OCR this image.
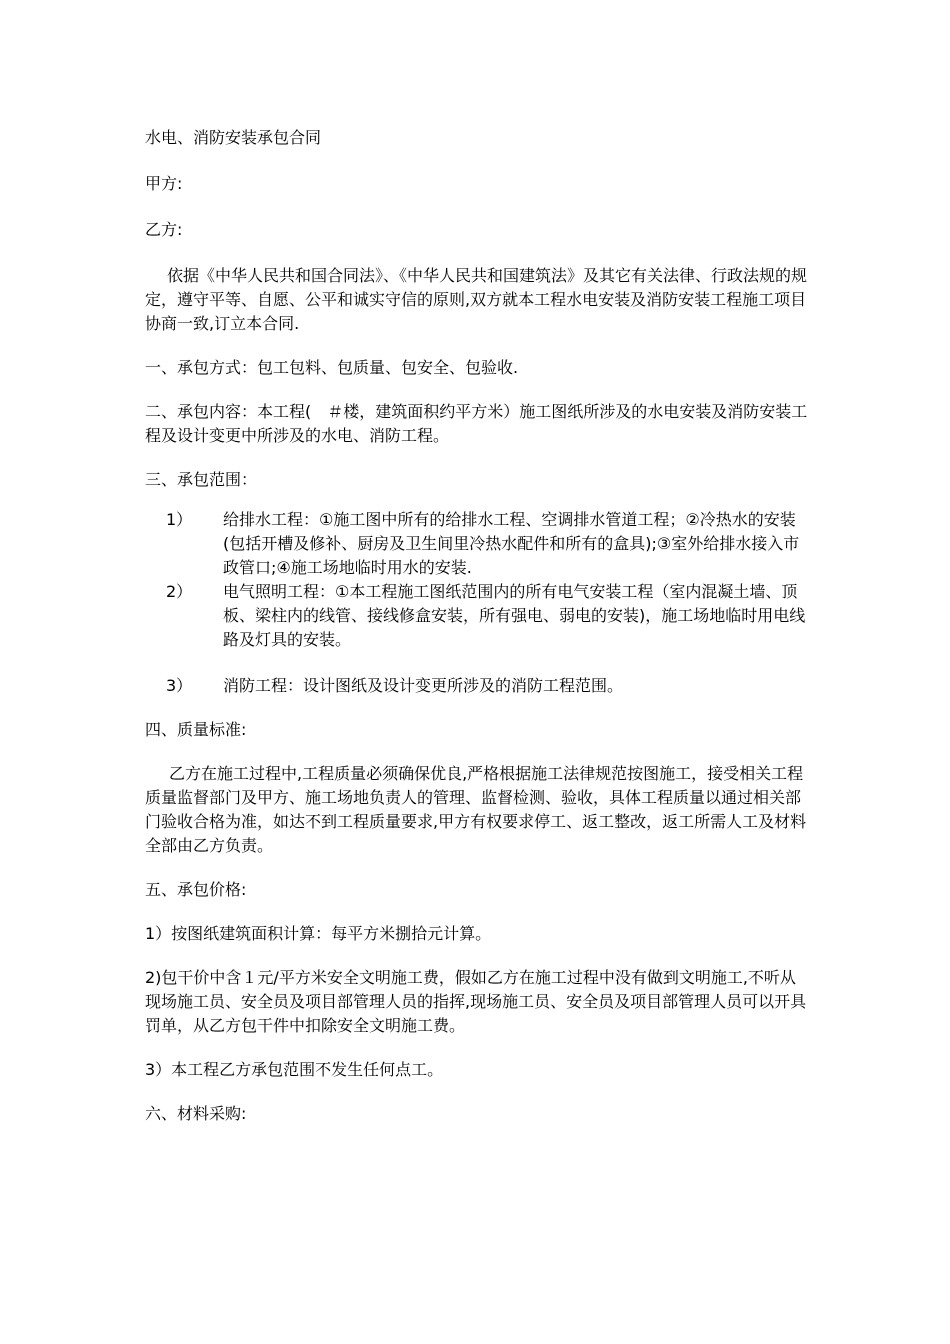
水电、消防安装承包合同

甲方:

乙方:

依据《中华人民共和国合同法》、《中华人民共和国建筑法》及其它有关法律、行政法规的规定，遵守平等、自愿、公平和诚实守信的原则,双方就本工程水电安装及消防安装工程施工项目协商一致,订立本合同.

一、承包方式：包工包料、包质量、包安全、包验收.

二、承包内容：本工程(　＃楼，建筑面积约平方米）施工图纸所涉及的水电安装及消防安装工程及设计变更中所涉及的水电、消防工程。

三、承包范围：

1） 给排水工程：①施工图中所有的给排水工程、空调排水管道工程；②冷热水的安装(包括开槽及修补、厨房及卫生间里冷热水配件和所有的盒具);③室外给排水接入市政管口;④施工场地临时用水的安装.
2） 电气照明工程：①本工程施工图纸范围内的所有电气安装工程（室内混凝土墙、顶板、梁柱内的线管、接线修盒安装，所有强电、弱电的安装)，施工场地临时用电线路及灯具的安装。
3） 消防工程：设计图纸及设计变更所涉及的消防工程范围。

四、质量标准:

乙方在施工过程中,工程质量必须确保优良,严格根据施工法律规范按图施工，接受相关工程质量监督部门及甲方、施工场地负责人的管理、监督检测、验收，具体工程质量以通过相关部门验收合格为准，如达不到工程质量要求,甲方有权要求停工、返工整改，返工所需人工及材料全部由乙方负责。

五、承包价格:

1）按图纸建筑面积计算：每平方米捌拾元计算。

2)包干价中含１元/平方米安全文明施工费，假如乙方在施工过程中没有做到文明施工,不听从现场施工员、安全员及项目部管理人员的指挥,现场施工员、安全员及项目部管理人员可以开具罚单，从乙方包干件中扣除安全文明施工费。

3）本工程乙方承包范围不发生任何点工。

六、材料采购:
